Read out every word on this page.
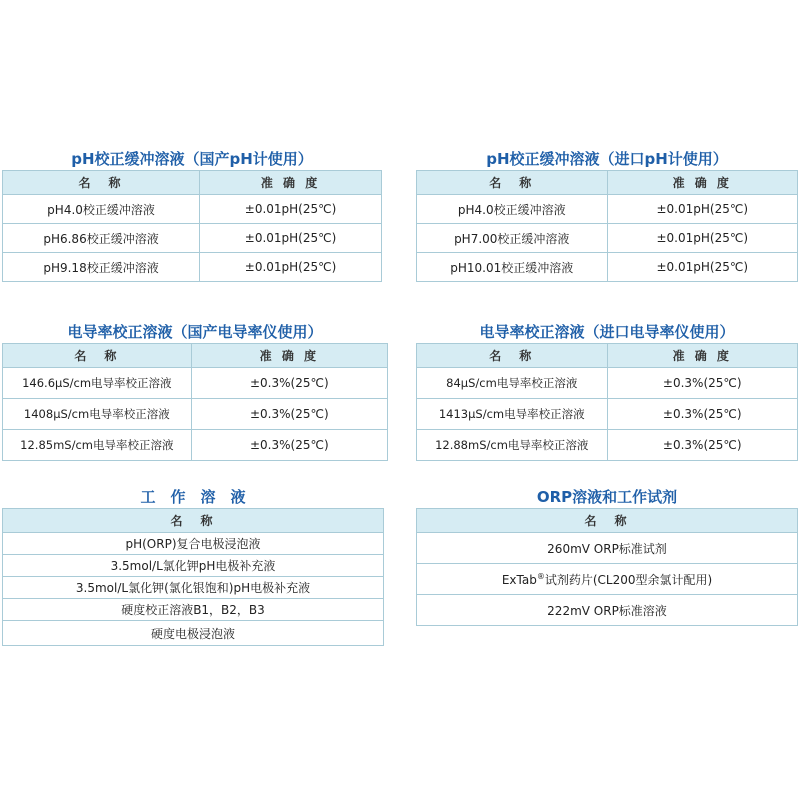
pH校正缓冲溶液（国产pH计使用）
名　称	准 确 度
pH4.0校正缓冲溶液	±0.01pH(25℃)
pH6.86校正缓冲溶液	±0.01pH(25℃)
pH9.18校正缓冲溶液	±0.01pH(25℃)
pH校正缓冲溶液（进口pH计使用）
名　称	准 确 度
pH4.0校正缓冲溶液	±0.01pH(25℃)
pH7.00校正缓冲溶液	±0.01pH(25℃)
pH10.01校正缓冲溶液	±0.01pH(25℃)
电导率校正溶液（国产电导率仪使用）
名　称	准 确 度
146.6μS/cm电导率校正溶液	±0.3%(25℃)
1408μS/cm电导率校正溶液	±0.3%(25℃)
12.85mS/cm电导率校正溶液	±0.3%(25℃)
电导率校正溶液（进口电导率仪使用）
名　称	准 确 度
84μS/cm电导率校正溶液	±0.3%(25℃)
1413μS/cm电导率校正溶液	±0.3%(25℃)
12.88mS/cm电导率校正溶液	±0.3%(25℃)
工　作　溶　液
名　称
pH(ORP)复合电极浸泡液
3.5mol/L氯化钾pH电极补充液
3.5mol/L氯化钾(氯化银饱和)pH电极补充液
硬度校正溶液B1，B2，B3
硬度电极浸泡液
ORP溶液和工作试剂
名　称
260mV ORP标准试剂
ExTab®试剂药片(CL200型余氯计配用)
222mV ORP标准溶液
